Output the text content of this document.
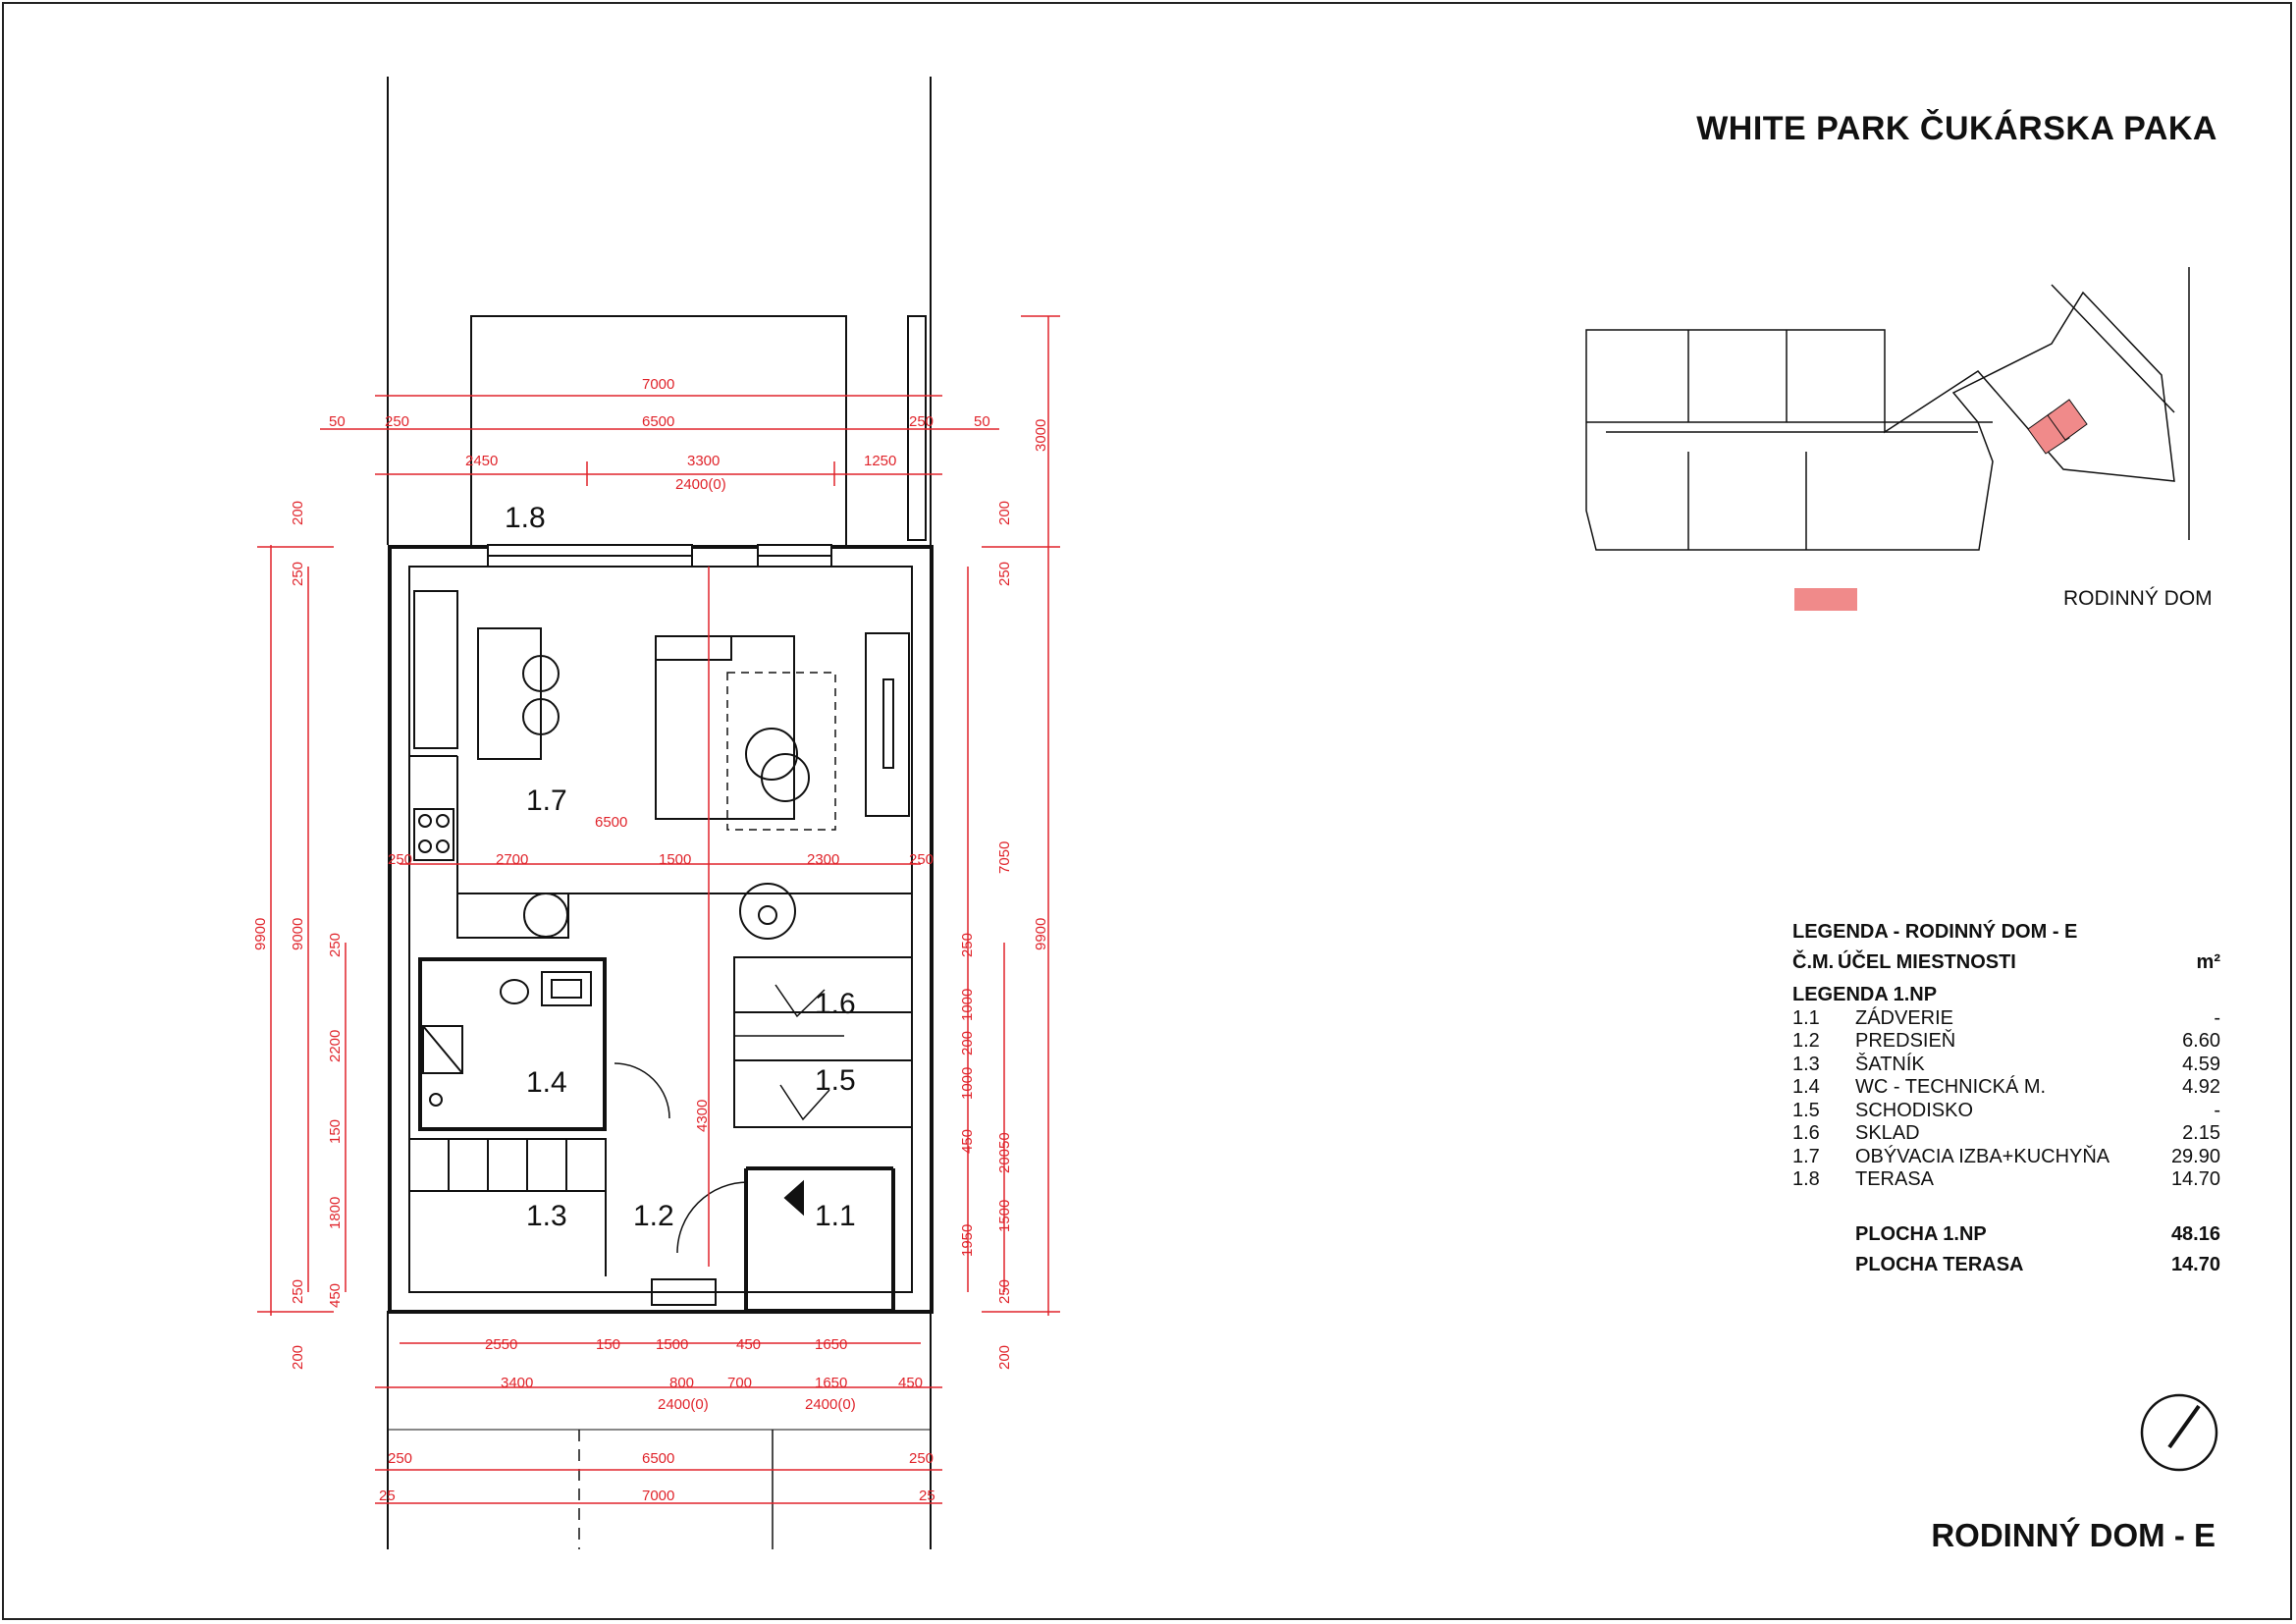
1.8
1.7
1.6
1.5
1.4
1.3 1.2	1.1
7000
50	250	6500	250	50
2450	3300	1250
2400(0)
6500
250	2700	1500	2300	250
2550	150 1500	450	1650
3400	800 700	1650	450
2400(0)	2400(0)
250	6500	250
25	7000	25
3000
200
250
9900 9000 250
2200
150
1800
250 450
200
200
250
7050
9900
250
1000
200
1000
20050
450
1500
1950
250
200
4300
WHITE PARK ČUKÁRSKA PAKA
RODINNÝ DOM
LEGENDA - RODINNÝ DOM - E
Č.M. ÚČEL MIESTNOSTI	m²
LEGENDA 1.NP
1.1 ZÁDVERIE	-
1.2 PREDSIEŇ	6.60
1.3 ŠATNÍK	4.59
1.4 WC - TECHNICKÁ M.	4.92
1.5 SCHODISKO	-
1.6 SKLAD	2.15
1.7 OBÝVACIA IZBA+KUCHYŇA	29.90
1.8 TERASA	14.70
PLOCHA 1.NP	48.16
PLOCHA TERASA	14.70
RODINNÝ DOM - E
